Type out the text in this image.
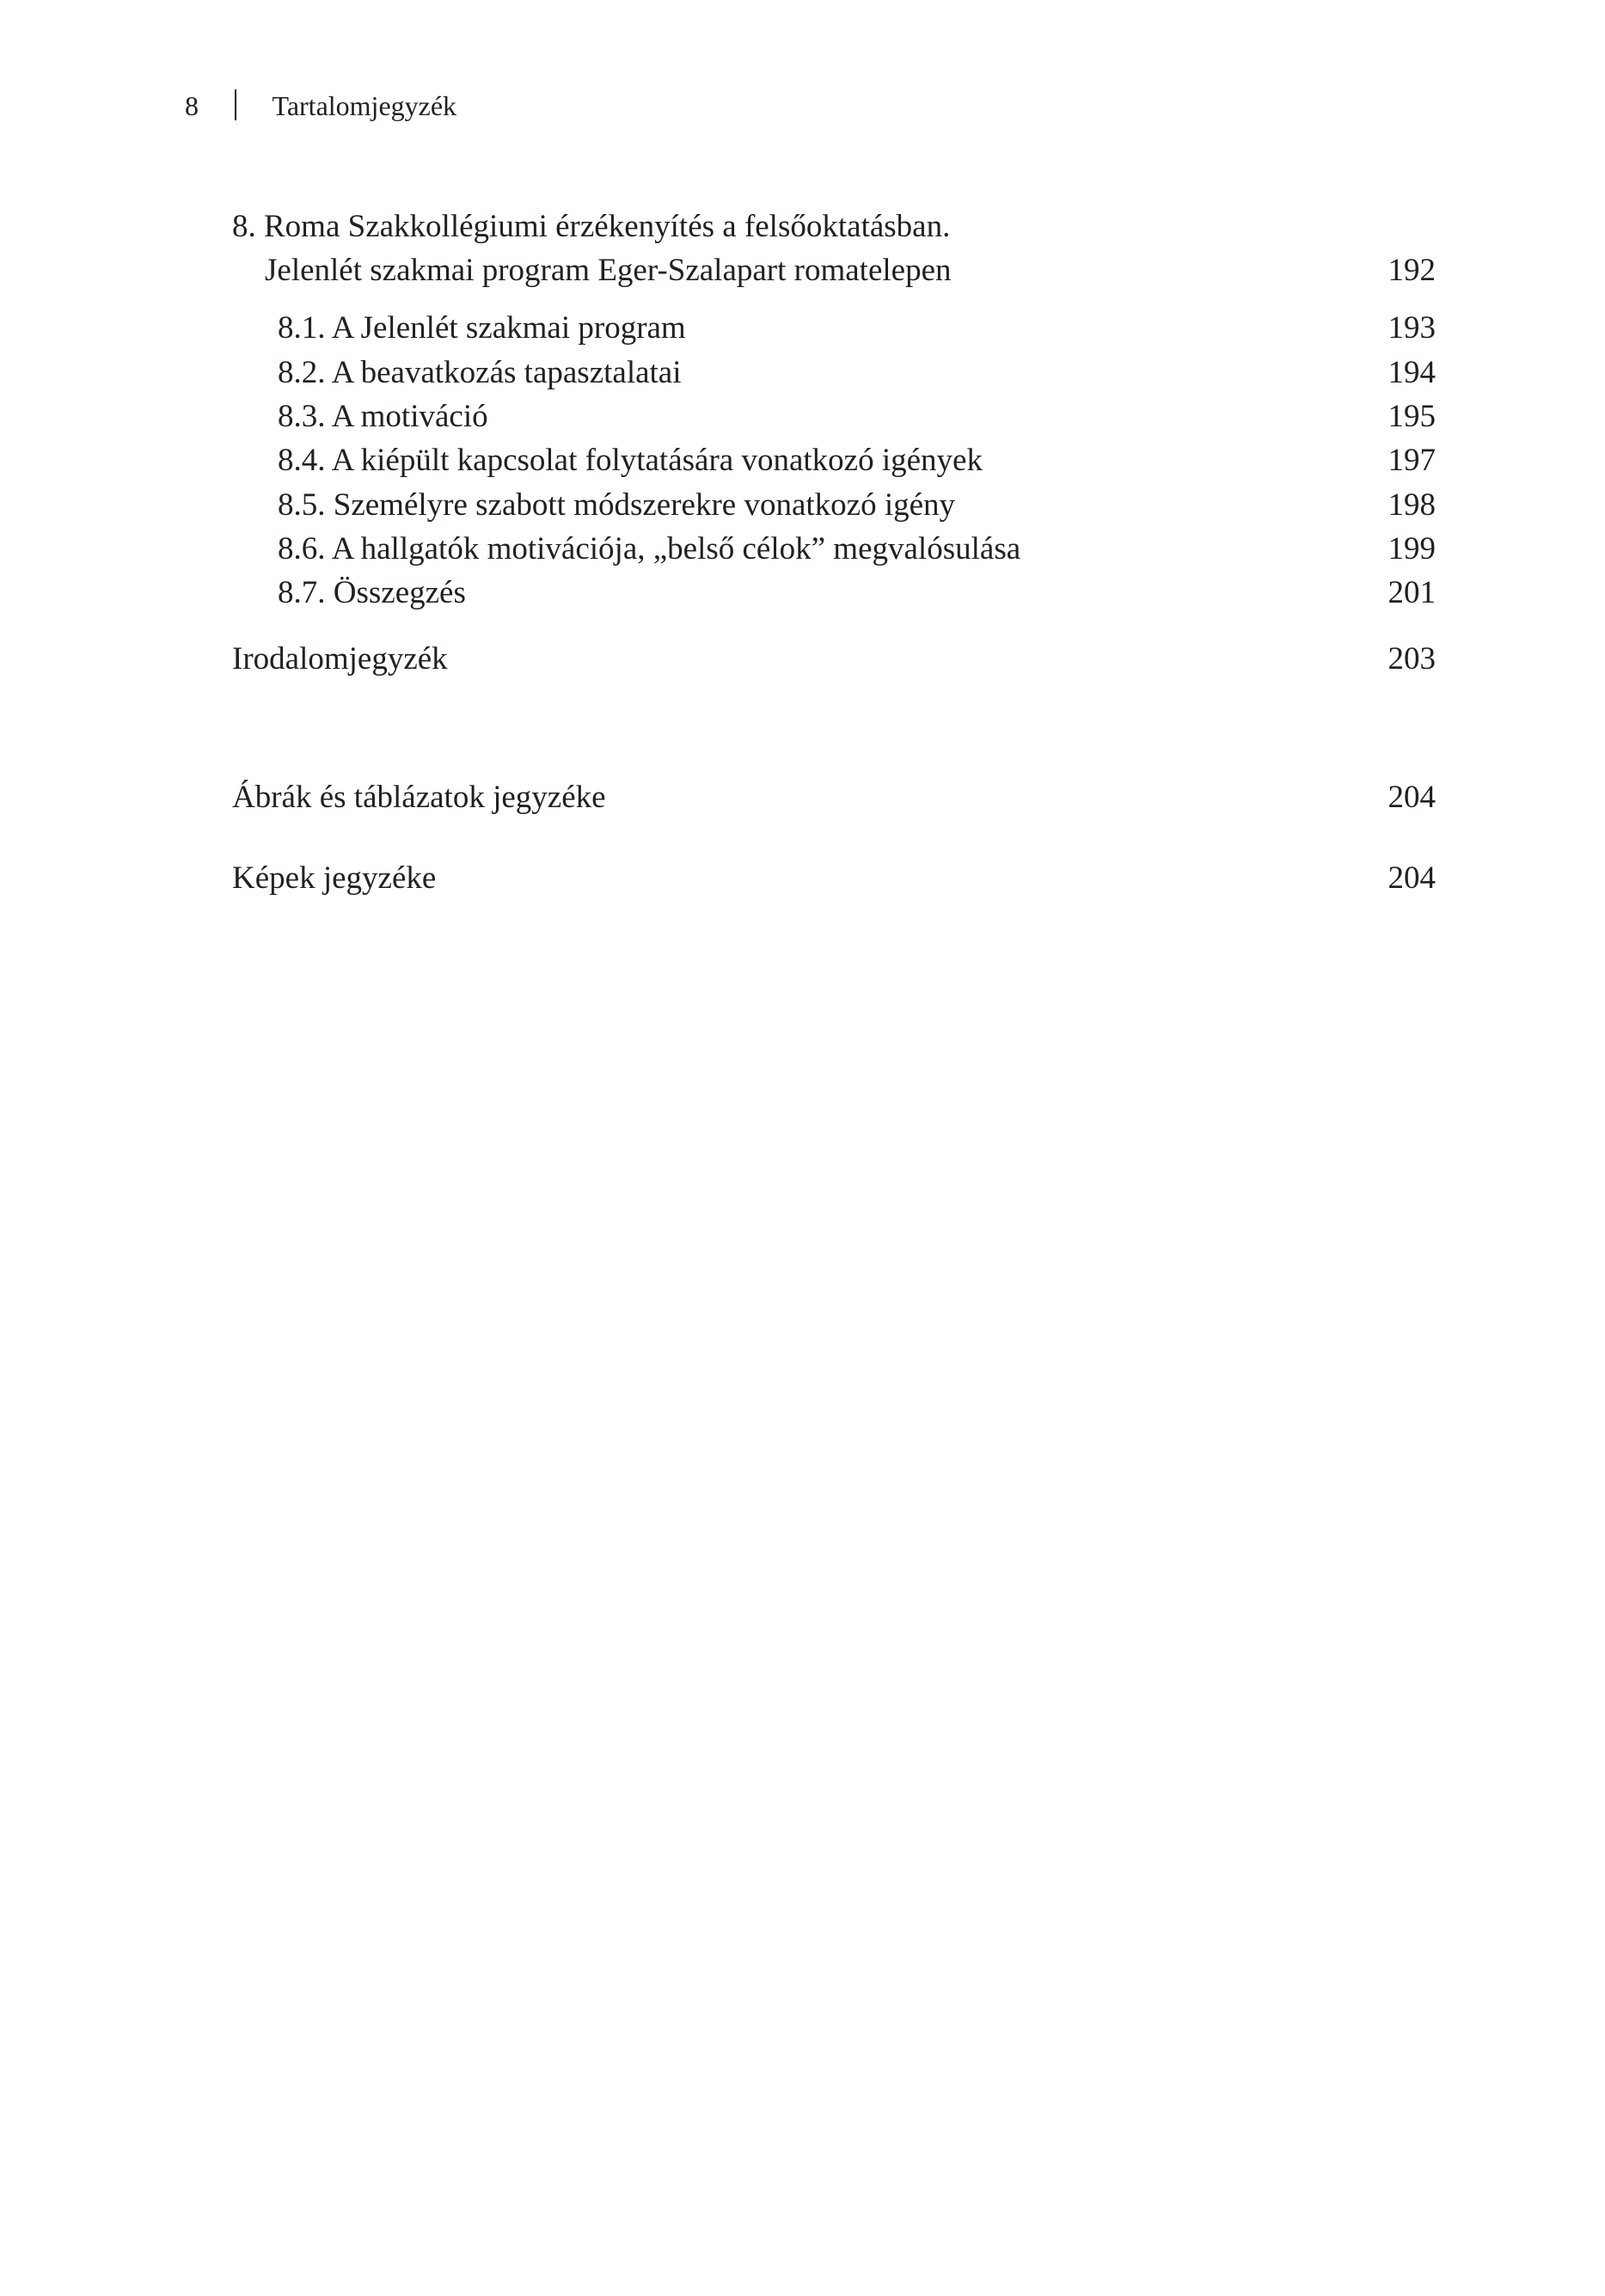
8	Tartalomjegyzék
8. Roma Szakkollégiumi érzékenyítés a felsőoktatásban.
Jelenlét szakmai program Eger-Szalapart romatelepen	192
8.1. A Jelenlét szakmai program	193
8.2. A beavatkozás tapasztalatai	194
8.3. A motiváció	195
8.4. A kiépült kapcsolat folytatására vonatkozó igények	197
8.5. Személyre szabott módszerekre vonatkozó igény	198
8.6. A hallgatók motivációja, „belső célok” megvalósulása	199
8.7. Összegzés	201
Irodalomjegyzék	203
Ábrák és táblázatok jegyzéke	204
Képek jegyzéke	204
